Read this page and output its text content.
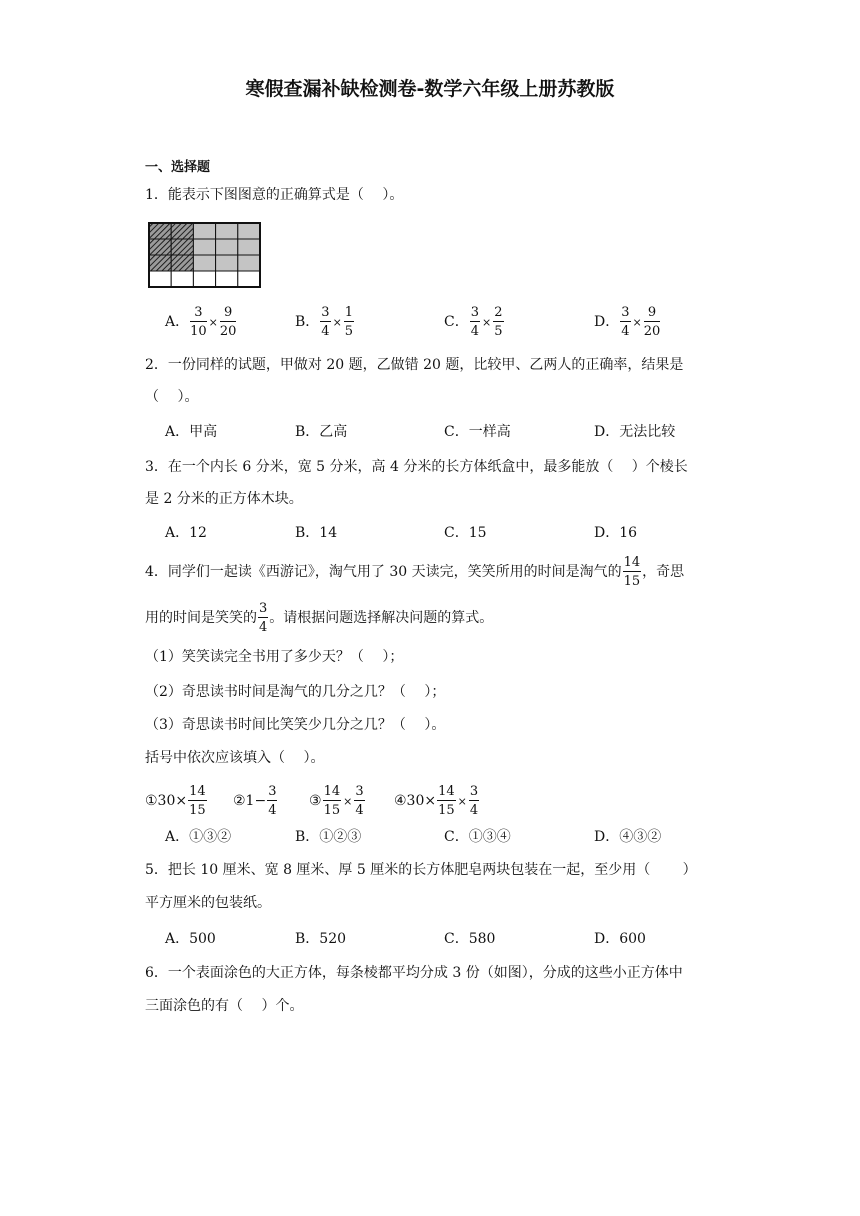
寒假查漏补缺检测卷-数学六年级上册苏教版
一、选择题
1．能表示下图图意的正确算式是（　 ）。
A． $\frac{3}{10} \times \frac{9}{20}$	B． $\frac{3}{4} \times \frac{1}{5}$	C． $\frac{3}{4} \times \frac{2}{5}$	D． $\frac{3}{4} \times \frac{9}{20}$
2．一份同样的试题，甲做对 20 题，乙做错 20 题，比较甲、乙两人的正确率，结果是
（　 ）。
A．甲高	B．乙高	C．一样高	D．无法比较
3．在一个内长 6 分米，宽 5 分米，高 4 分米的长方体纸盒中，最多能放（　 ）个棱长
是 2 分米的正方体木块。
A．12	B．14	C．15	D．16
4．同学们一起读《西游记》，淘气用了 30 天读完，笑笑所用的时间是淘气的 $\frac{14}{15}$ ，奇思
用的时间是笑笑的 $\frac{3}{4}$ 。请根据问题选择解决问题的算式。
（1）笑笑读完全书用了多少天？（　 ）；
（2）奇思读书时间是淘气的几分之几？（　 ）；
（3）奇思读书时间比笑笑少几分之几？（　 ）。
括号中依次应该填入（　 ）。
①30× $\frac{14}{15}$ ②1− $\frac{3}{4}$ ③ $\frac{14}{15} \times \frac{3}{4}$ ④30× $\frac{14}{15} \times \frac{3}{4}$
A．①③②	B．①②③	C．①③④	D．④③②
5．把长 10 厘米、宽 8 厘米、厚 5 厘米的长方体肥皂两块包装在一起，至少用（　　 ）
平方厘米的包装纸。
A．500	B．520	C．580	D．600
6．一个表面涂色的大正方体，每条棱都平均分成 3 份（如图），分成的这些小正方体中
三面涂色的有（　 ）个。
